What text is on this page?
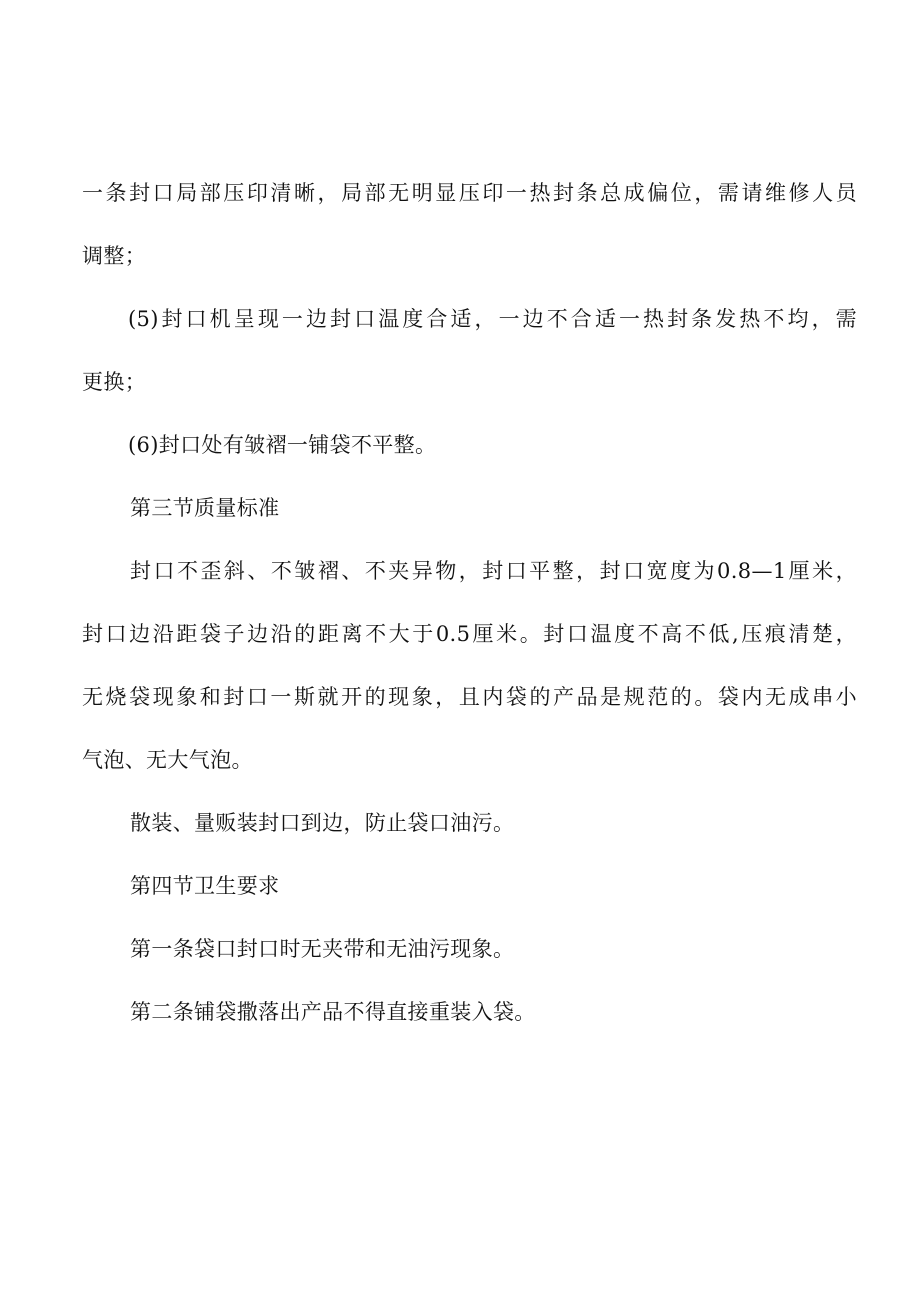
一条封口局部压印清晰，局部无明显压印一热封条总成偏位，需请维修人员
调整；
(5)封口机呈现一边封口温度合适，一边不合适一热封条发热不均，需
更换；
(6)封口处有皱褶一铺袋不平整。
第三节质量标准
封口不歪斜、不皱褶、不夹异物，封口平整，封口宽度为0.8—1厘米，
封口边沿距袋子边沿的距离不大于0.5厘米。封口温度不高不低,压痕清楚，
无烧袋现象和封口一斯就开的现象，且内袋的产品是规范的。袋内无成串小
气泡、无大气泡。
散装、量贩装封口到边，防止袋口油污。
第四节卫生要求
第一条袋口封口时无夹带和无油污现象。
第二条铺袋撒落出产品不得直接重装入袋。
